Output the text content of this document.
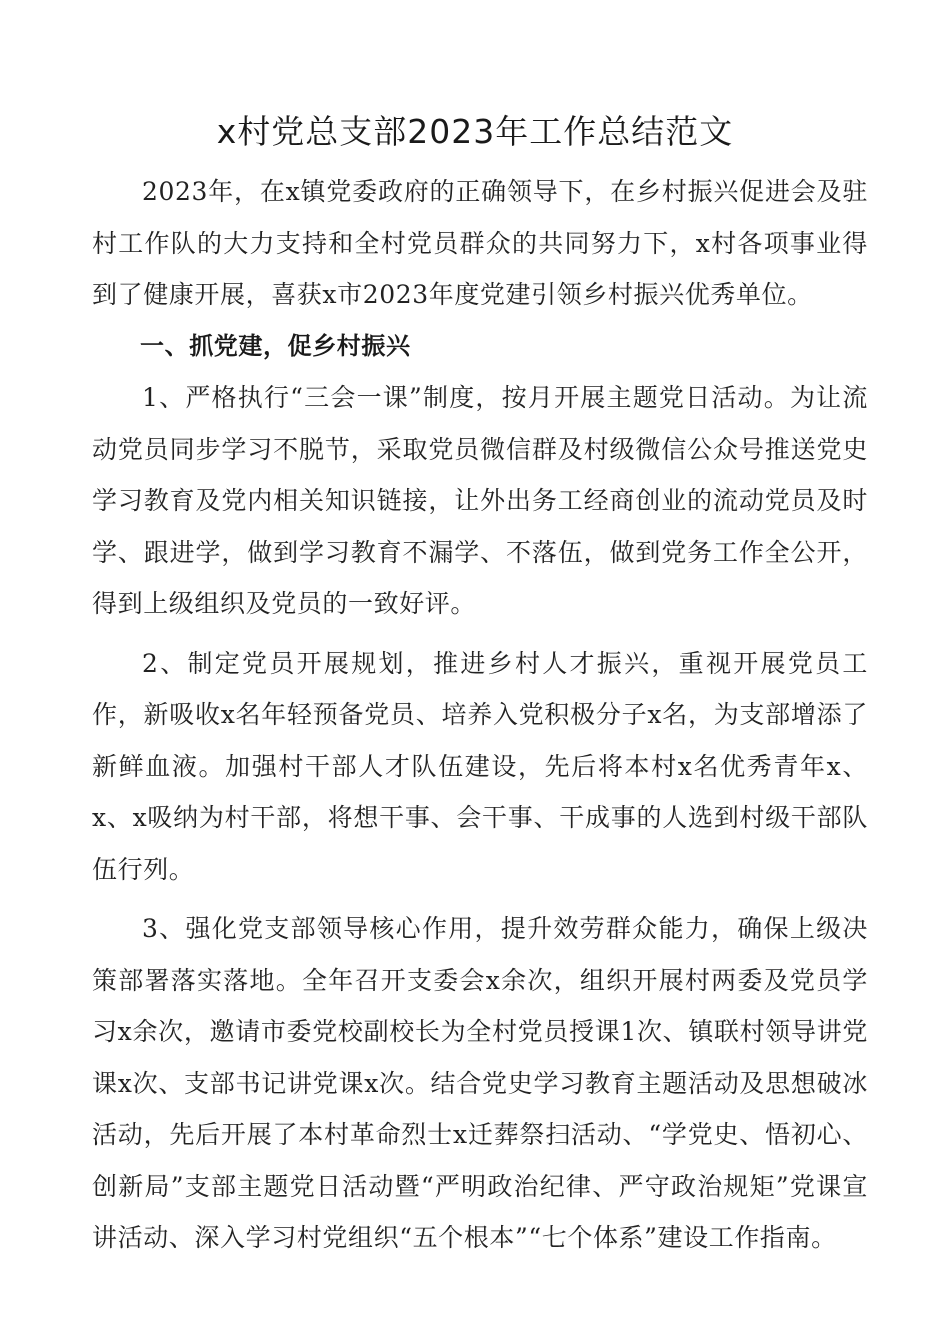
x村党总支部2023年工作总结范文

2023年，在x镇党委政府的正确领导下，在乡村振兴促进会及驻村工作队的大力支持和全村党员群众的共同努力下，x村各项事业得到了健康开展，喜获x市2023年度党建引领乡村振兴优秀单位。

一、抓党建，促乡村振兴

1、严格执行“三会一课”制度，按月开展主题党日活动。为让流动党员同步学习不脱节，采取党员微信群及村级微信公众号推送党史学习教育及党内相关知识链接，让外出务工经商创业的流动党员及时学、跟进学，做到学习教育不漏学、不落伍，做到党务工作全公开，得到上级组织及党员的一致好评。

2、制定党员开展规划，推进乡村人才振兴，重视开展党员工作，新吸收x名年轻预备党员、培养入党积极分子x名，为支部增添了新鲜血液。加强村干部人才队伍建设，先后将本村x名优秀青年x、x、x吸纳为村干部，将想干事、会干事、干成事的人选到村级干部队伍行列。

3、强化党支部领导核心作用，提升效劳群众能力，确保上级决策部署落实落地。全年召开支委会x余次，组织开展村两委及党员学习x余次，邀请市委党校副校长为全村党员授课1次、镇联村领导讲党课x次、支部书记讲党课x次。结合党史学习教育主题活动及思想破冰活动，先后开展了本村革命烈士x迁葬祭扫活动、“学党史、悟初心、创新局”支部主题党日活动暨“严明政治纪律、严守政治规矩”党课宣讲活动、深入学习村党组织“五个根本”“七个体系”建设工作指南。
